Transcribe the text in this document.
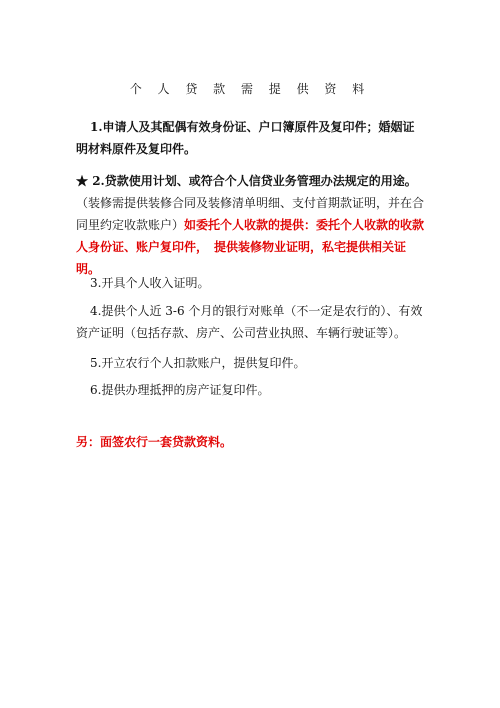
个 人 贷 款 需 提 供 资 料

1.申请人及其配偶有效身份证、户口簿原件及复印件；婚姻证明材料原件及复印件。

★ 2.贷款使用计划、或符合个人信贷业务管理办法规定的用途。
（装修需提供装修合同及装修清单明细、支付首期款证明，并在合同里约定收款账户）如委托个人收款的提供：委托个人收款的收款人身份证、账户复印件，　提供装修物业证明，私宅提供相关证明。

3.开具个人收入证明。

4.提供个人近 3-6 个月的银行对账单（不一定是农行的）、有效资产证明（包括存款、房产、公司营业执照、车辆行驶证等）。

5.开立农行个人扣款账户，提供复印件。

6.提供办理抵押的房产证复印件。

另：面签农行一套贷款资料。
